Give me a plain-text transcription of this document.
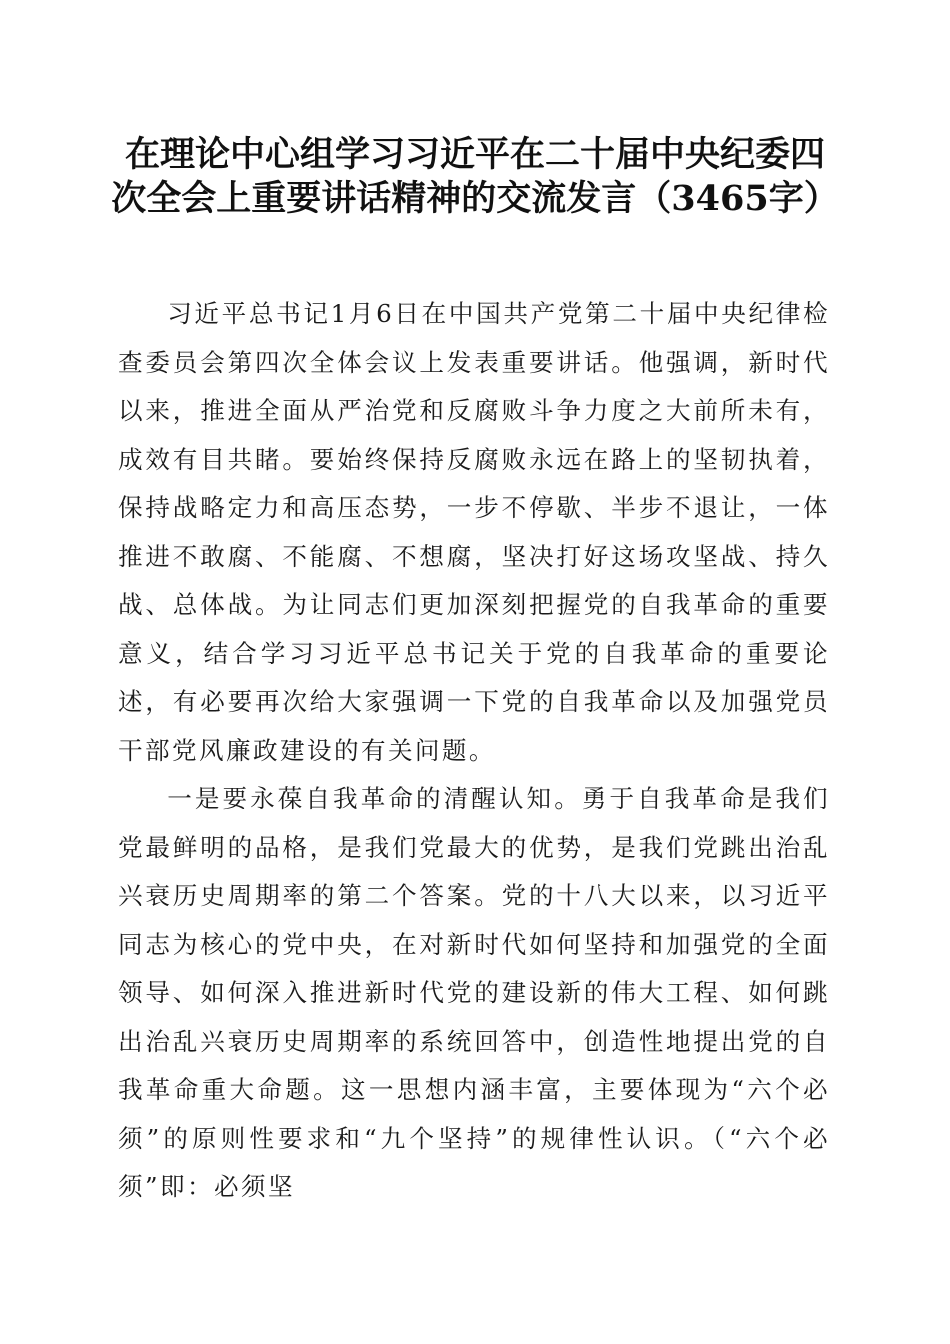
在理论中心组学习习近平在二十届中央纪委四次全会上重要讲话精神的交流发言（3465字）

习近平总书记1月6日在中国共产党第二十届中央纪律检查委员会第四次全体会议上发表重要讲话。他强调，新时代以来，推进全面从严治党和反腐败斗争力度之大前所未有，成效有目共睹。要始终保持反腐败永远在路上的坚韧执着，保持战略定力和高压态势，一步不停歇、半步不退让，一体推进不敢腐、不能腐、不想腐，坚决打好这场攻坚战、持久战、总体战。为让同志们更加深刻把握党的自我革命的重要意义，结合学习习近平总书记关于党的自我革命的重要论述，有必要再次给大家强调一下党的自我革命以及加强党员干部党风廉政建设的有关问题。

一是要永葆自我革命的清醒认知。勇于自我革命是我们党最鲜明的品格，是我们党最大的优势，是我们党跳出治乱兴衰历史周期率的第二个答案。党的十八大以来，以习近平同志为核心的党中央，在对新时代如何坚持和加强党的全面领导、如何深入推进新时代党的建设新的伟大工程、如何跳出治乱兴衰历史周期率的系统回答中，创造性地提出党的自我革命重大命题。这一思想内涵丰富，主要体现为“六个必须”的原则性要求和“九个坚持”的规律性认识。（“六个必须”即：必须坚
